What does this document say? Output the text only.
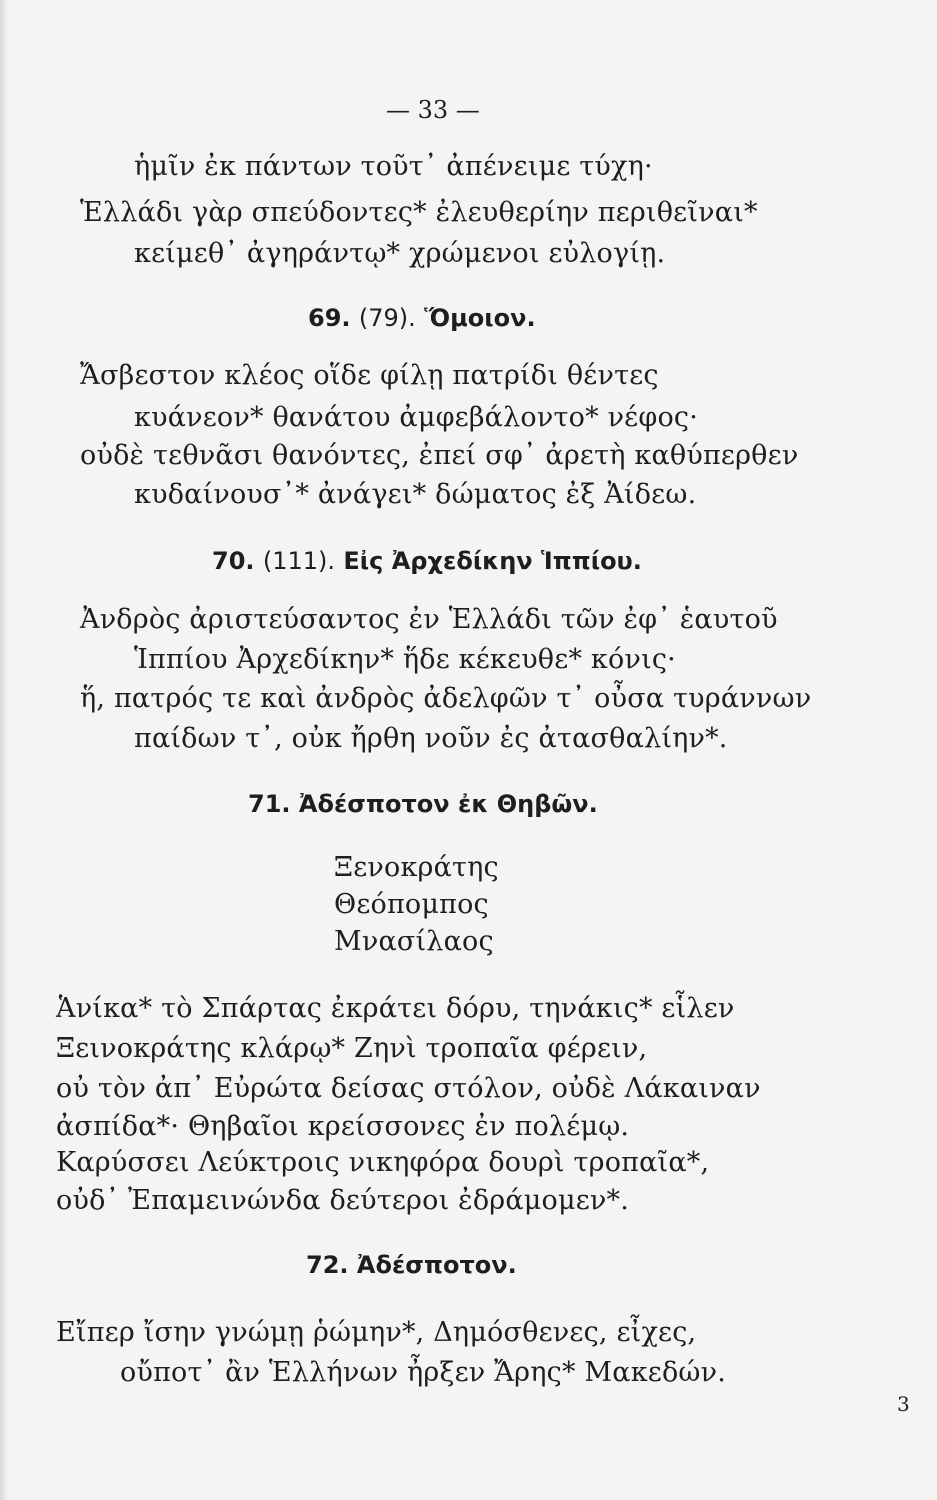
— 33 —
ἡμῖν ἐκ πάντων τοῦτ᾽ ἀπένειμε τύχη·
Ἑλλάδι γὰρ σπεύδοντες* ἐλευθερίην περιθεῖναι*
κείμεθ᾽ ἀγηράντῳ* χρώμενοι εὐλογίῃ.
69. (79). Ὅμοιον.
Ἄσβεστον κλέος οἵδε φίλῃ πατρίδι θέντες
κυάνεον* θανάτου ἀμφεβάλοντο* νέφος·
οὐδὲ τεθνᾶσι θανόντες, ἐπεί σφ᾽ ἀρετὴ καθύπερθεν
κυδαίνουσ᾽* ἀνάγει* δώματος ἐξ Ἀίδεω.
70. (111). Εἰς Ἀρχεδίκην Ἱππίου.
Ἀνδρὸς ἀριστεύσαντος ἐν Ἑλλάδι τῶν ἐφ᾽ ἑαυτοῦ
Ἱππίου Ἀρχεδίκην* ἥδε κέκευθε* κόνις·
ἥ, πατρός τε καὶ ἀνδρὸς ἀδελφῶν τ᾽ οὖσα τυράννων
παίδων τ᾽, οὐκ ἤρθη νοῦν ἐς ἀτασθαλίην*.
71. Ἀδέσποτον ἐκ Θηβῶν.
Ξενοκράτης
Θεόπομπος
Μνασίλαος
Ἁνίκα* τὸ Σπάρτας ἐκράτει δόρυ, τηνάκις* εἷλεν
Ξεινοκράτης κλάρῳ* Ζηνὶ τροπαῖα φέρειν,
οὐ τὸν ἀπ᾽ Εὐρώτα δείσας στόλον, οὐδὲ Λάκαιναν
ἀσπίδα*· Θηβαῖοι κρείσσονες ἐν πολέμῳ.
Καρύσσει Λεύκτροις νικηφόρα δουρὶ τροπαῖα*,
οὐδ᾽ Ἐπαμεινώνδα δεύτεροι ἐδράμομεν*.
72. Ἀδέσποτον.
Εἴπερ ἴσην γνώμῃ ῥώμην*, Δημόσθενες, εἶχες,
οὔποτ᾽ ἂν Ἑλλήνων ἦρξεν Ἄρης* Μακεδών.
3
